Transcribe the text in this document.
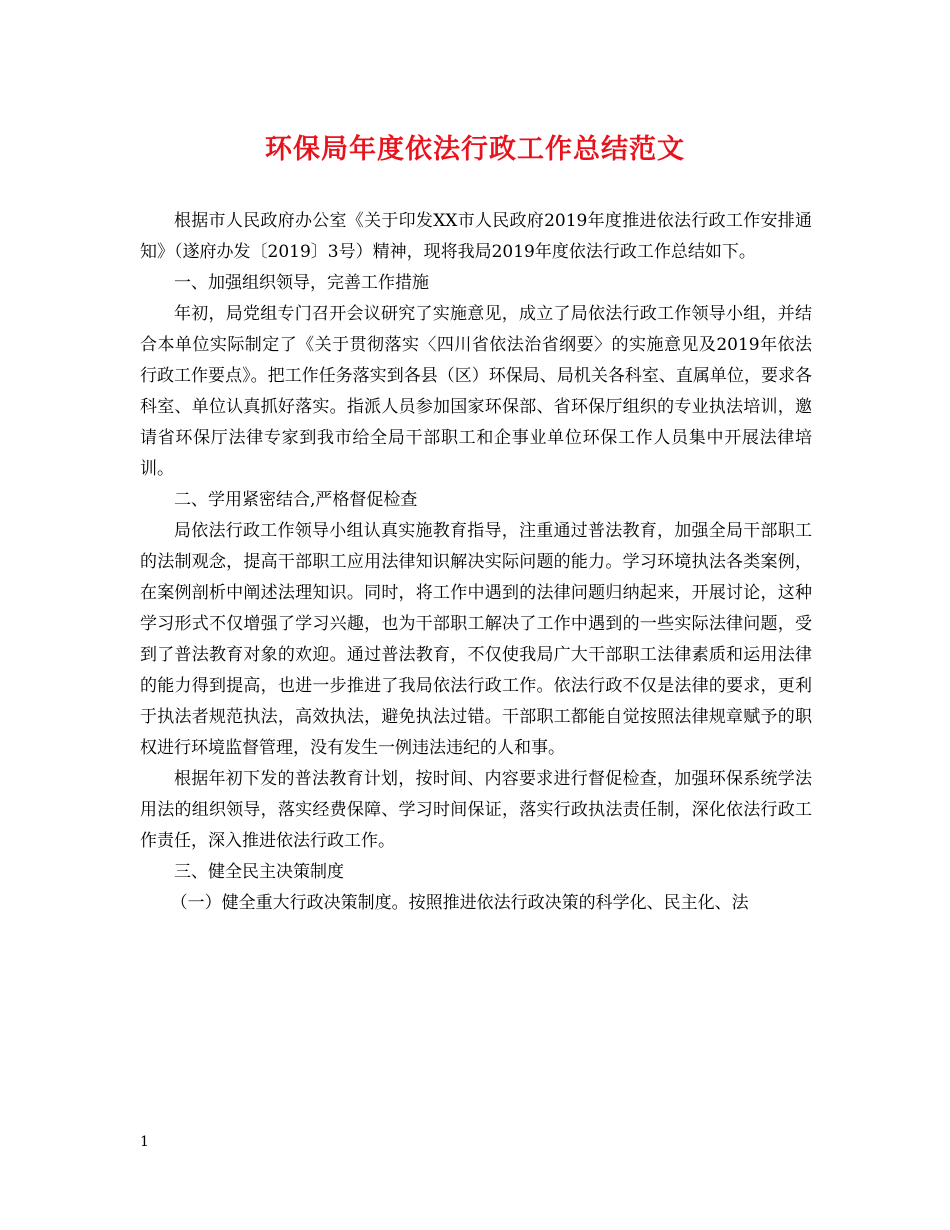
环保局年度依法行政工作总结范文

根据市人民政府办公室《关于印发XX市人民政府2019年度推进依法行政工作安排通知》（遂府办发〔2019〕3号）精神，现将我局2019年度依法行政工作总结如下。

一、加强组织领导，完善工作措施

年初，局党组专门召开会议研究了实施意见，成立了局依法行政工作领导小组，并结合本单位实际制定了《关于贯彻落实〈四川省依法治省纲要〉的实施意见及2019年依法行政工作要点》。把工作任务落实到各县（区）环保局、局机关各科室、直属单位，要求各科室、单位认真抓好落实。指派人员参加国家环保部、省环保厅组织的专业执法培训，邀请省环保厅法律专家到我市给全局干部职工和企事业单位环保工作人员集中开展法律培训。

二、学用紧密结合,严格督促检查

局依法行政工作领导小组认真实施教育指导，注重通过普法教育，加强全局干部职工的法制观念，提高干部职工应用法律知识解决实际问题的能力。学习环境执法各类案例，在案例剖析中阐述法理知识。同时，将工作中遇到的法律问题归纳起来，开展讨论，这种学习形式不仅增强了学习兴趣，也为干部职工解决了工作中遇到的一些实际法律问题，受到了普法教育对象的欢迎。通过普法教育，不仅使我局广大干部职工法律素质和运用法律的能力得到提高，也进一步推进了我局依法行政工作。依法行政不仅是法律的要求，更利于执法者规范执法，高效执法，避免执法过错。干部职工都能自觉按照法律规章赋予的职权进行环境监督管理，没有发生一例违法违纪的人和事。

根据年初下发的普法教育计划，按时间、内容要求进行督促检查，加强环保系统学法用法的组织领导，落实经费保障、学习时间保证，落实行政执法责任制，深化依法行政工作责任，深入推进依法行政工作。

三、健全民主决策制度

（一）健全重大行政决策制度。按照推进依法行政决策的科学化、民主化、法

1
